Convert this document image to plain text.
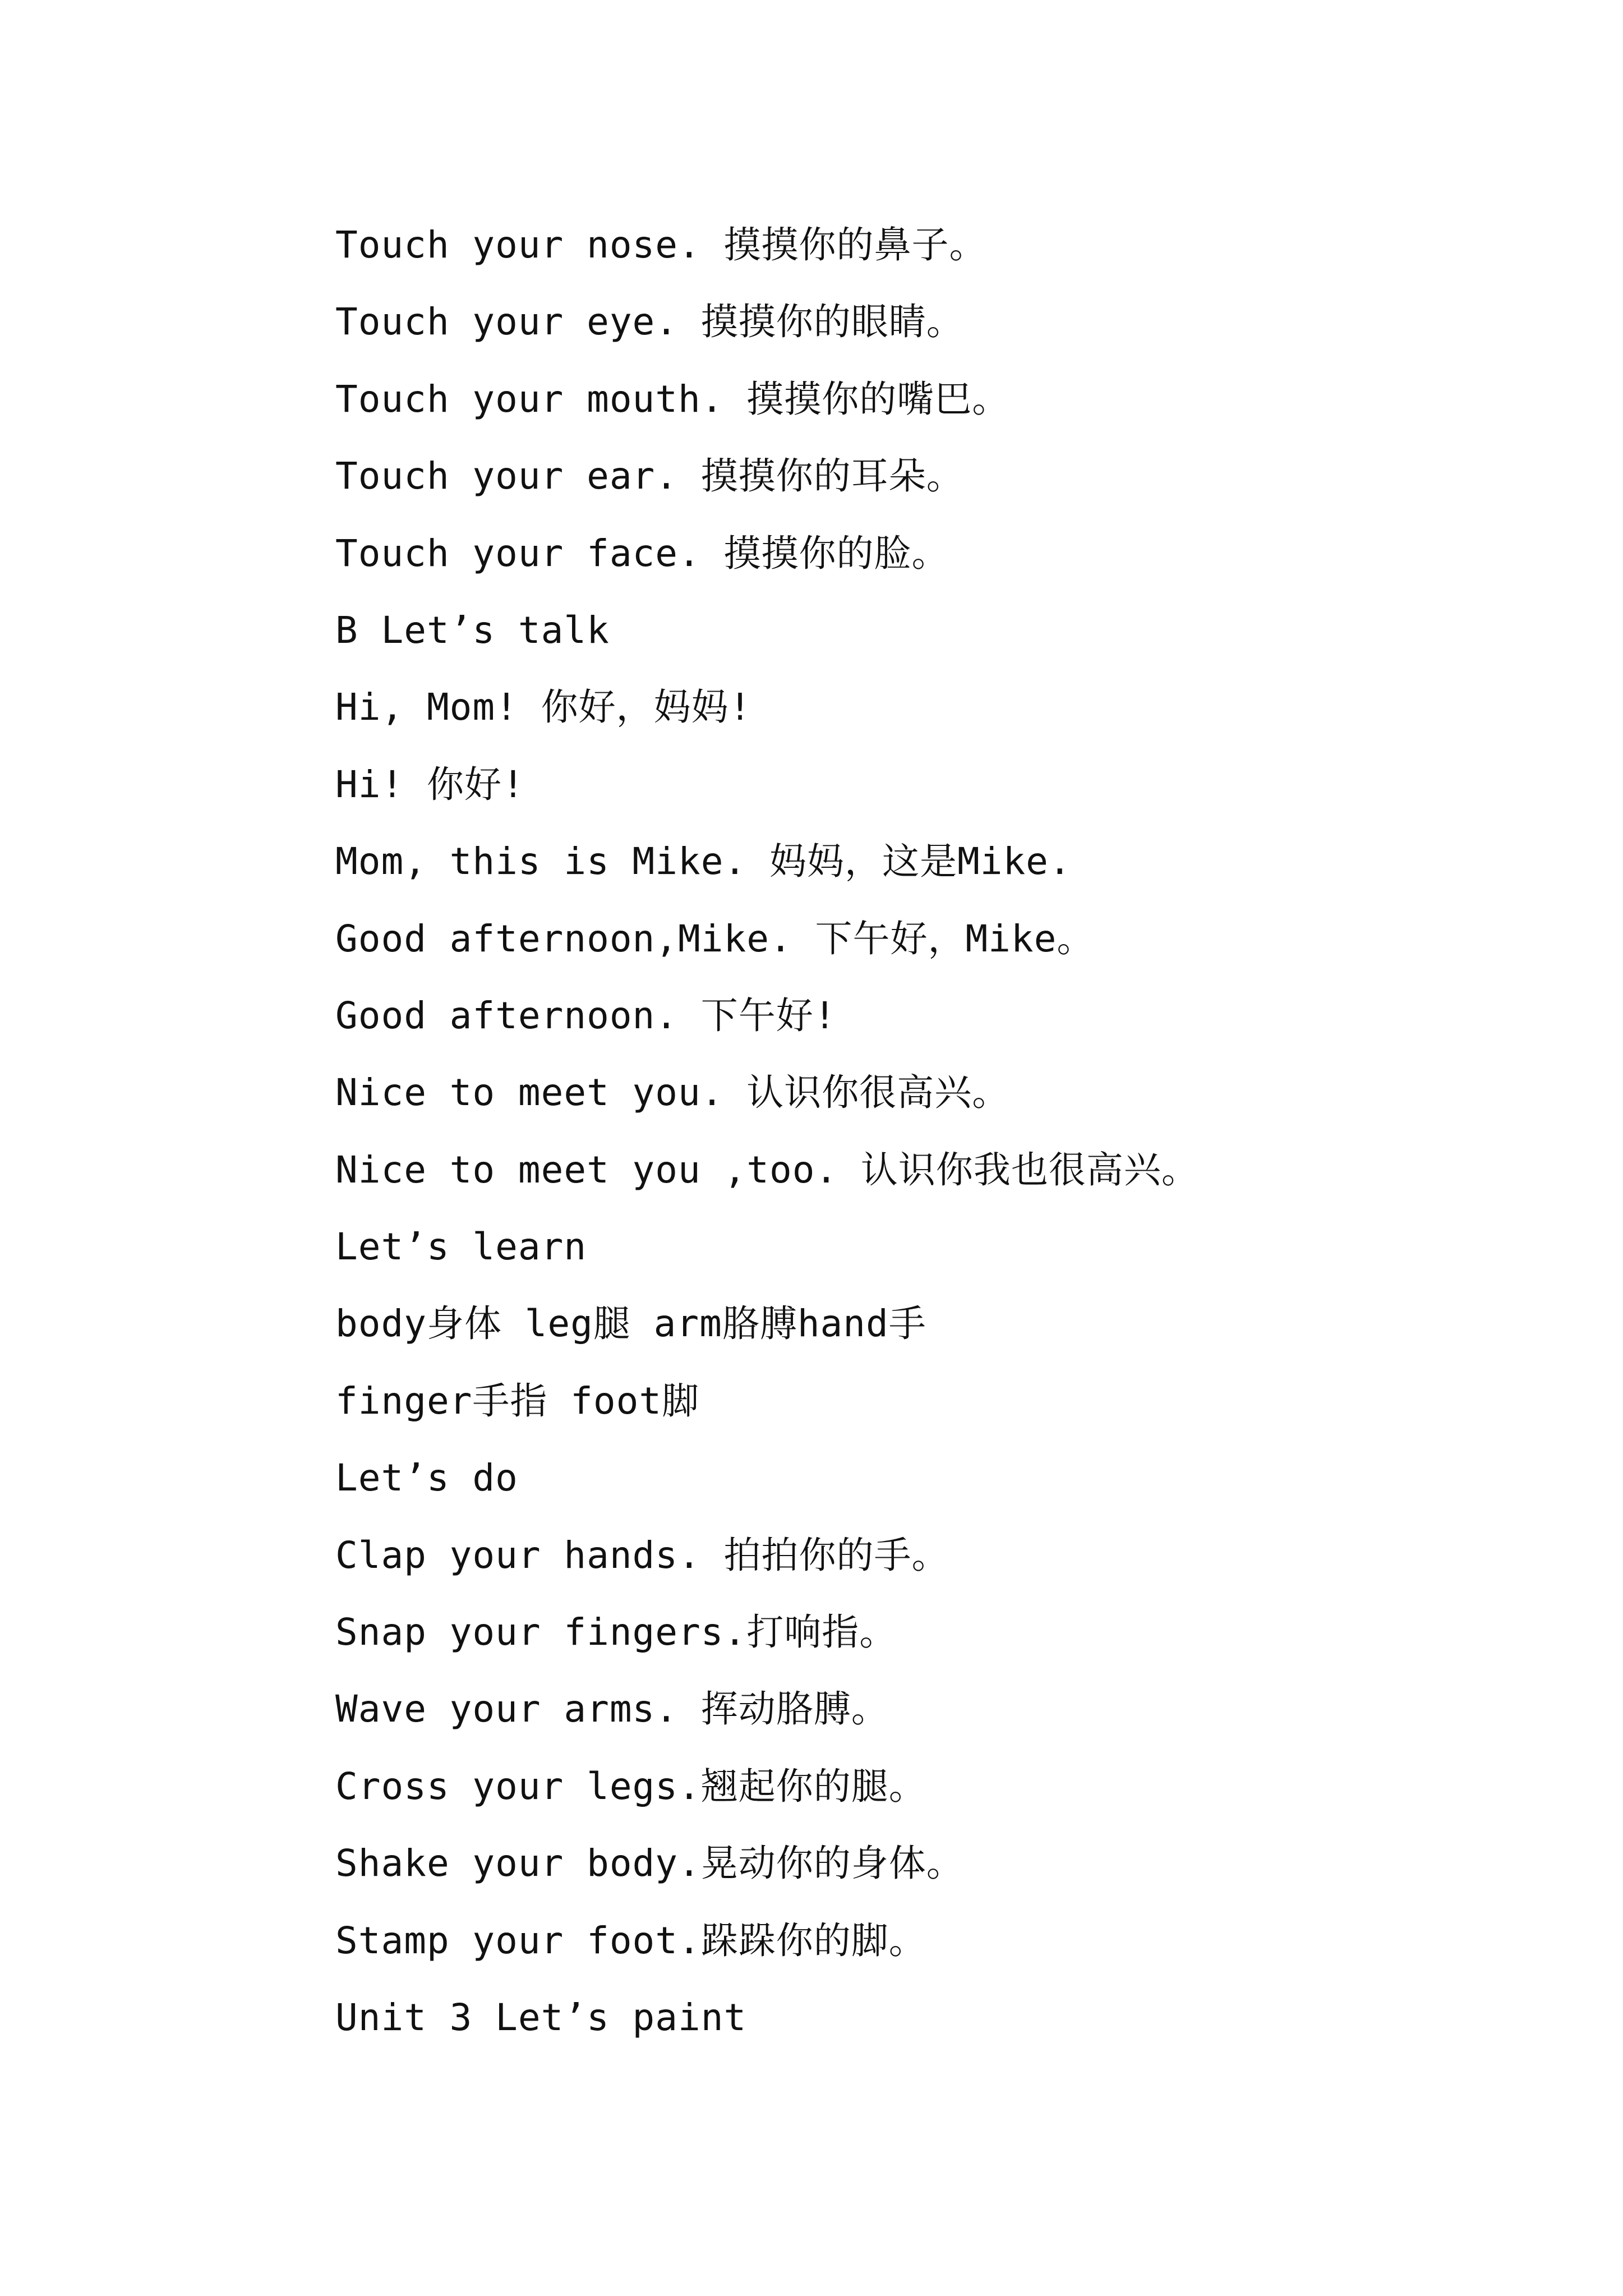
Touch your nose. 摸摸你的鼻子。
Touch your eye. 摸摸你的眼睛。
Touch your mouth. 摸摸你的嘴巴。
Touch your ear. 摸摸你的耳朵。
Touch your face. 摸摸你的脸。
B Let’s talk
Hi, Mom! 你好，妈妈!
Hi! 你好!
Mom, this is Mike. 妈妈，这是Mike.
Good afternoon,Mike. 下午好，Mike。
Good afternoon. 下午好!
Nice to meet you. 认识你很高兴。
Nice to meet you ,too. 认识你我也很高兴。
Let’s learn
body身体 leg腿 arm胳膊hand手
finger手指 foot脚
Let’s do
Clap your hands. 拍拍你的手。
Snap your fingers.打响指。
Wave your arms. 挥动胳膊。
Cross your legs.翘起你的腿。
Shake your body.晃动你的身体。
Stamp your foot.跺跺你的脚。
Unit 3 Let’s paint
